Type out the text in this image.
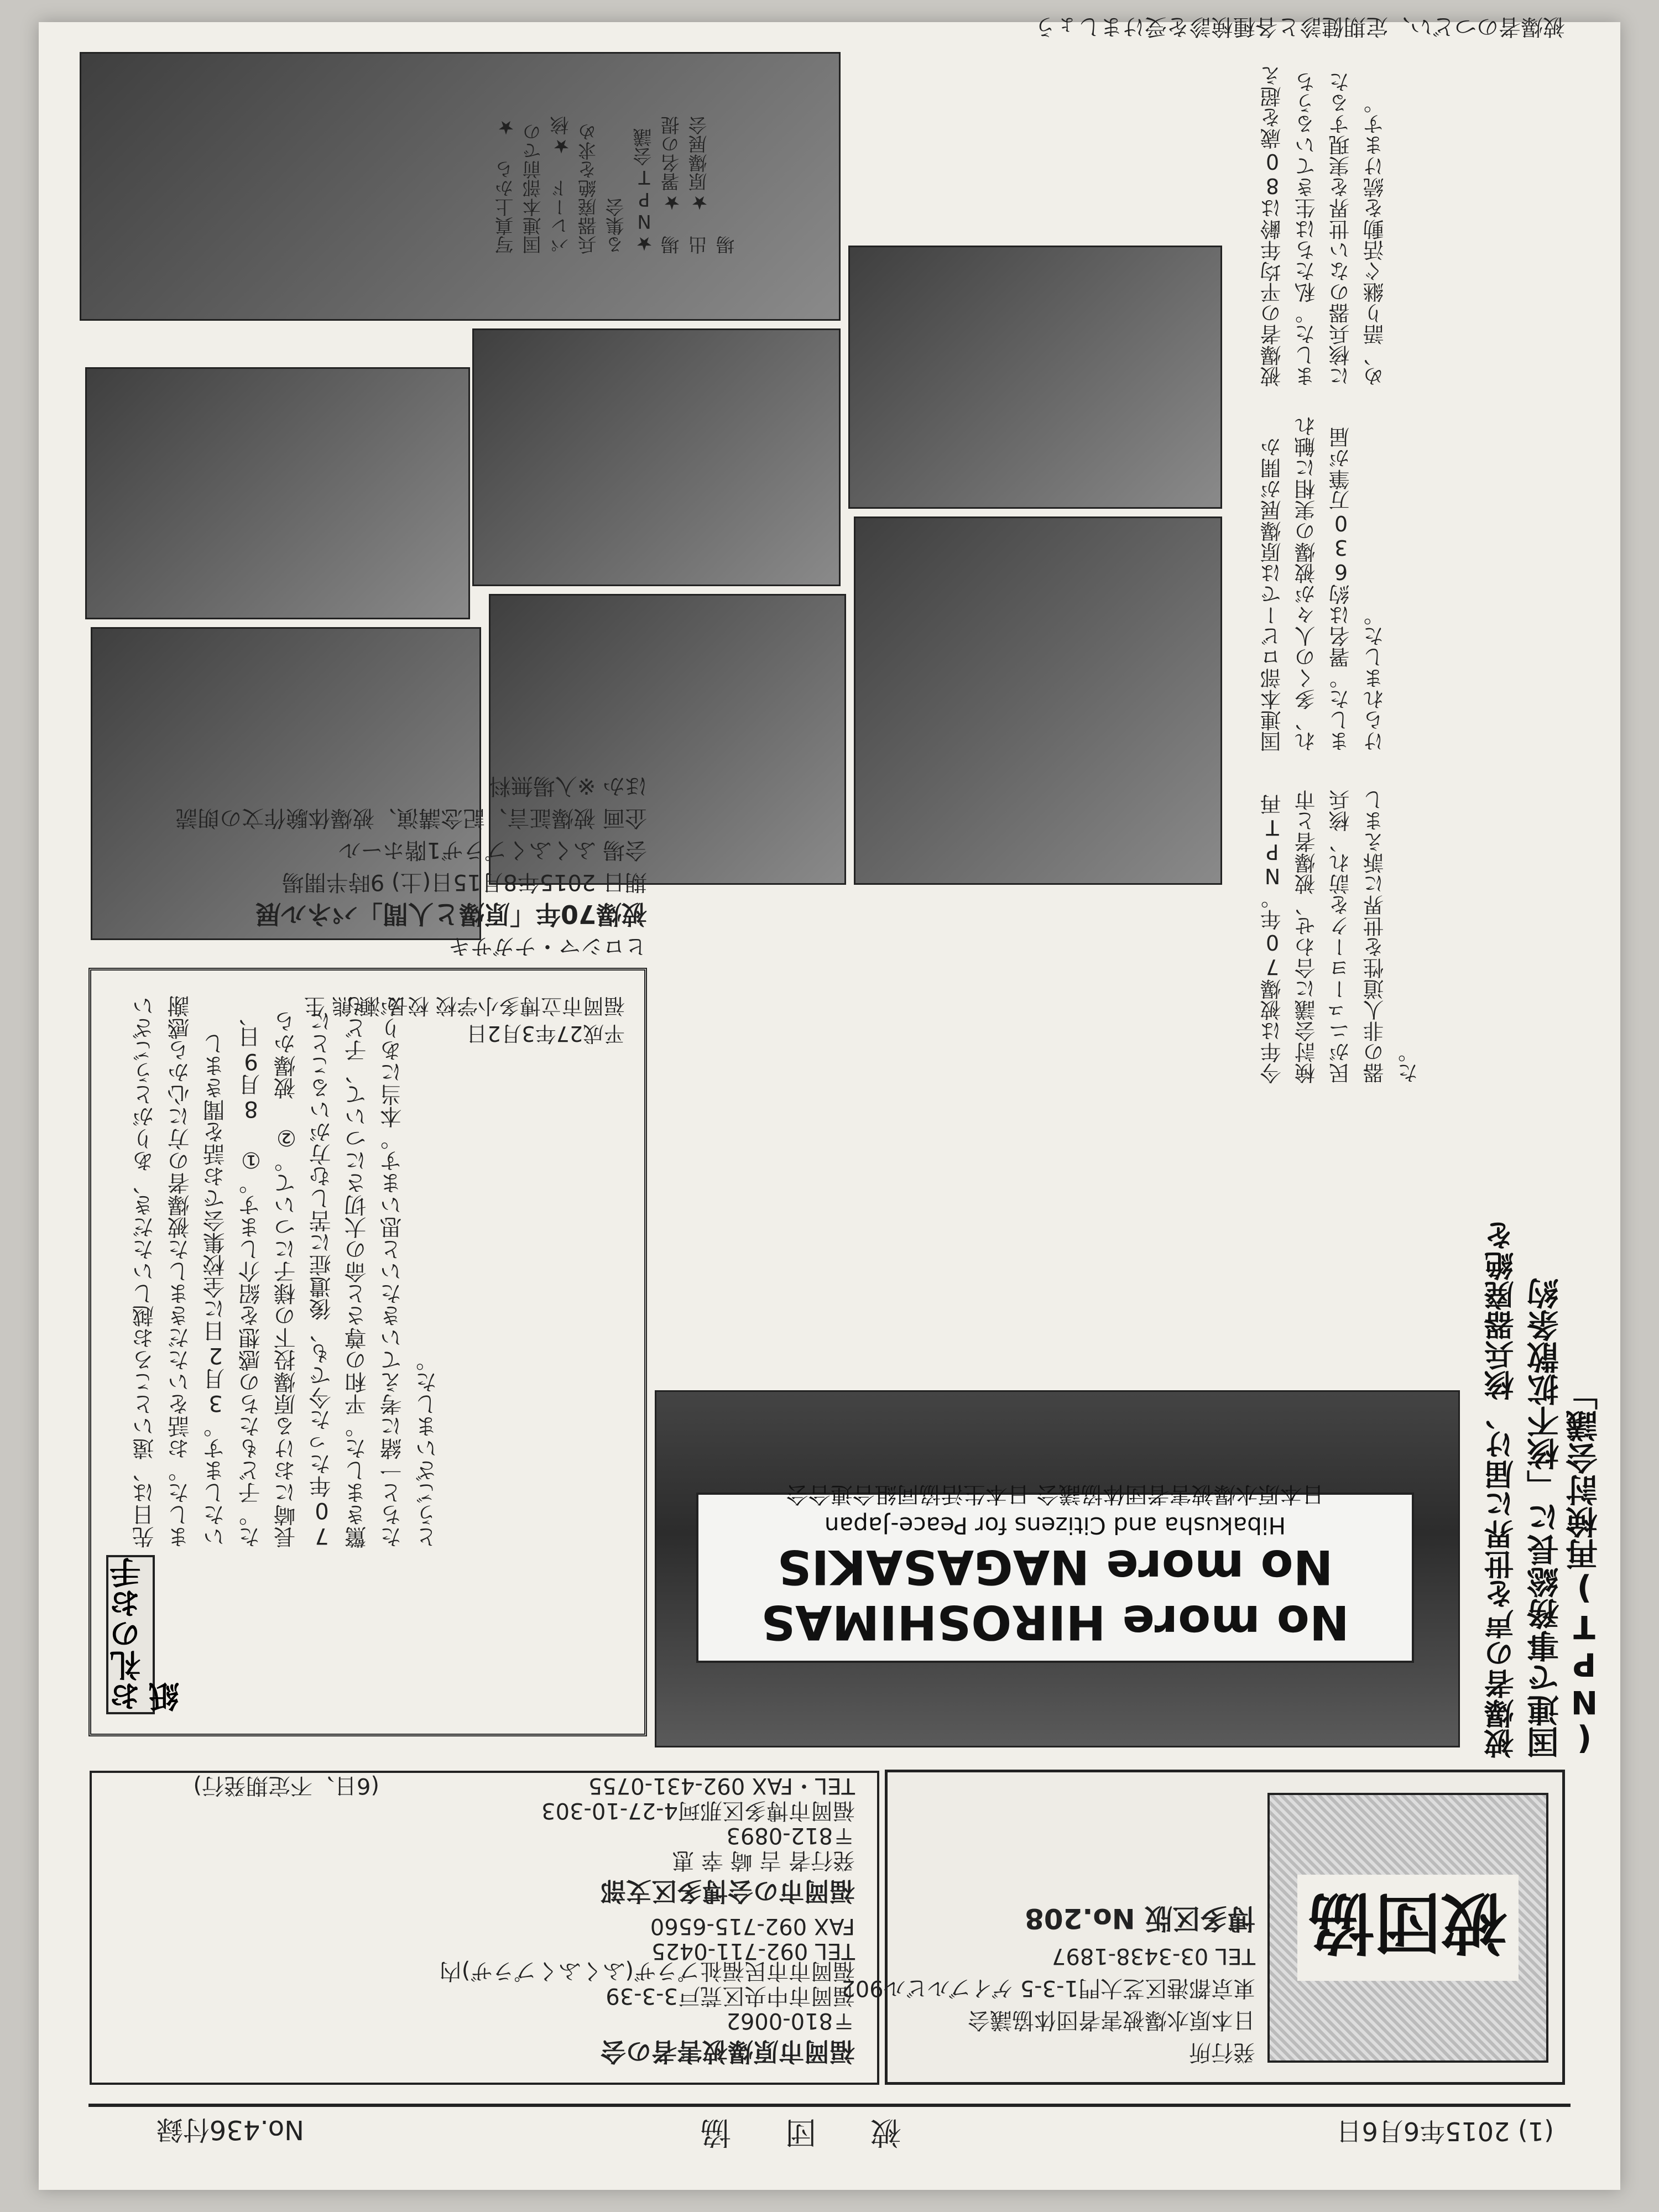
(1) 2015年6月6日
被 団 協
No.436付録
被団協
発行所
日本原水爆被害者団体協議会
東京都港区芝大門1-3-5 ゲイブルビル902
TEL 03-3438-1897
博多区版 No.208
福岡市原爆被害者の会
〒810-0062
福岡市中央区荒戸3-3-39
福岡市市民福祉プラザ(ふくふくプラザ)内
TEL 092-711-0425
FAX 092-715-6560
福岡市の会博多区支部
発行者 吉 崎 幸 恵
〒812-0893
福岡市博多区那珂4-27-10-303
TEL・FAX 092-431-0755
(6日、不定期発行)
国連で事務総長に「核不拡散条約(NPT)再検討会議」
被爆者の声を世界に届け、核兵器廃絶を
No more HIROSHIMAS
No more NAGASAKIS
Hibakusha and Citizens for Peace-Japan
日本原水爆被害者団体協議会 日本生活協同組合連合会
お礼のお手紙
先日は、遠いところお越しいただき、ありがとうございました。お話をいただきました被爆者の方に心から感謝いたします。3月2日に全校集会でお話を聞きました。子どもたちの感想を紹介します。① 8月9日、長崎における原爆投下の様子について。② 被爆から70年たった今でも、後遺症に苦しむ方がいることに驚きました。平和の尊さと命の大切さについて、子どもたちと一緒に考えていきたいと思います。本当にありがとうございました。
平成27年3月2日
福岡市立博多小学校 校長 瀬 熊 生	今年は被爆70年。NPT再検討会議に合わせ、被爆者と市民がニューヨークを訪れ、核兵器の非人道性を世界に訴えました。
国連本部ロビーでは原爆展が開かれ、多くの人々が被爆の実相に触れました。署名は約630万筆が届けられました。
被爆者の平均年齢は80歳を超えました。私たちは生きているうちに核兵器のない世界を実現するため、語り継ぐ活動を続けます。
写真上から ★国連本部前でのパレード ★核兵器廃絶を求める集会 ★NPT会議場 ★署名の提出 ★原爆展会場
ヒロシマ・ナガサキ
被爆70年「原爆と人間」パネル展
期日 2015年8月15日(土) 9時半開場
会場 ふくふくプラザ1階ホール
企画 被爆証言、記念講演、被爆体験作文の朗読
ほか ※入場無料
被爆者のつどい、定期健診と各種検診を受けましょう
